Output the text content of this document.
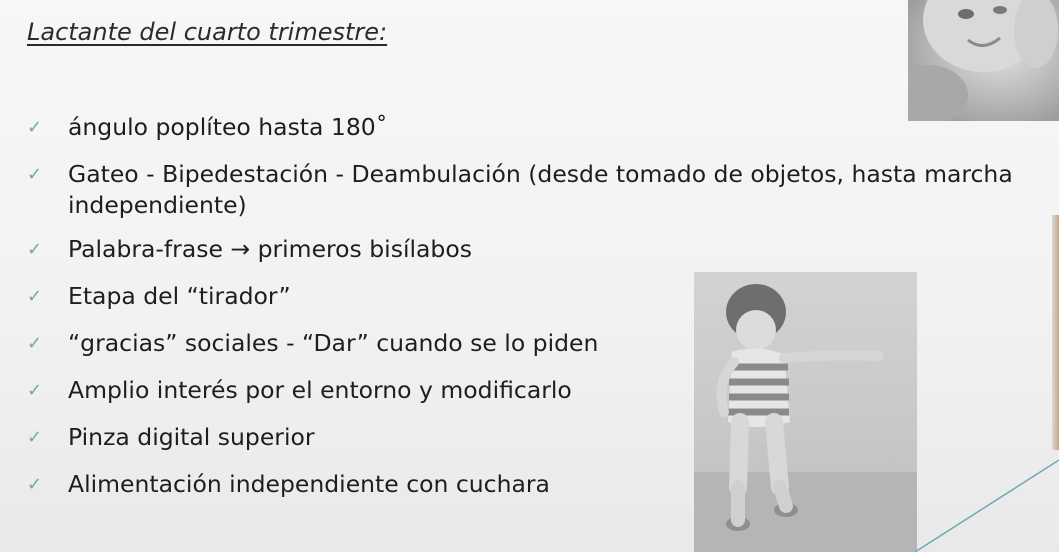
Lactante del cuarto trimestre:
✓	ángulo poplíteo hasta 180˚
✓	Gateo - Bipedestación - Deambulación (desde tomado de objetos, hasta marcha independiente)
✓	Palabra-frase → primeros bisílabos
✓	Etapa del “tirador”
✓	“gracias” sociales - “Dar” cuando se lo piden
✓	Amplio interés por el entorno y modificarlo
✓	Pinza digital superior
✓	Alimentación independiente con cuchara
